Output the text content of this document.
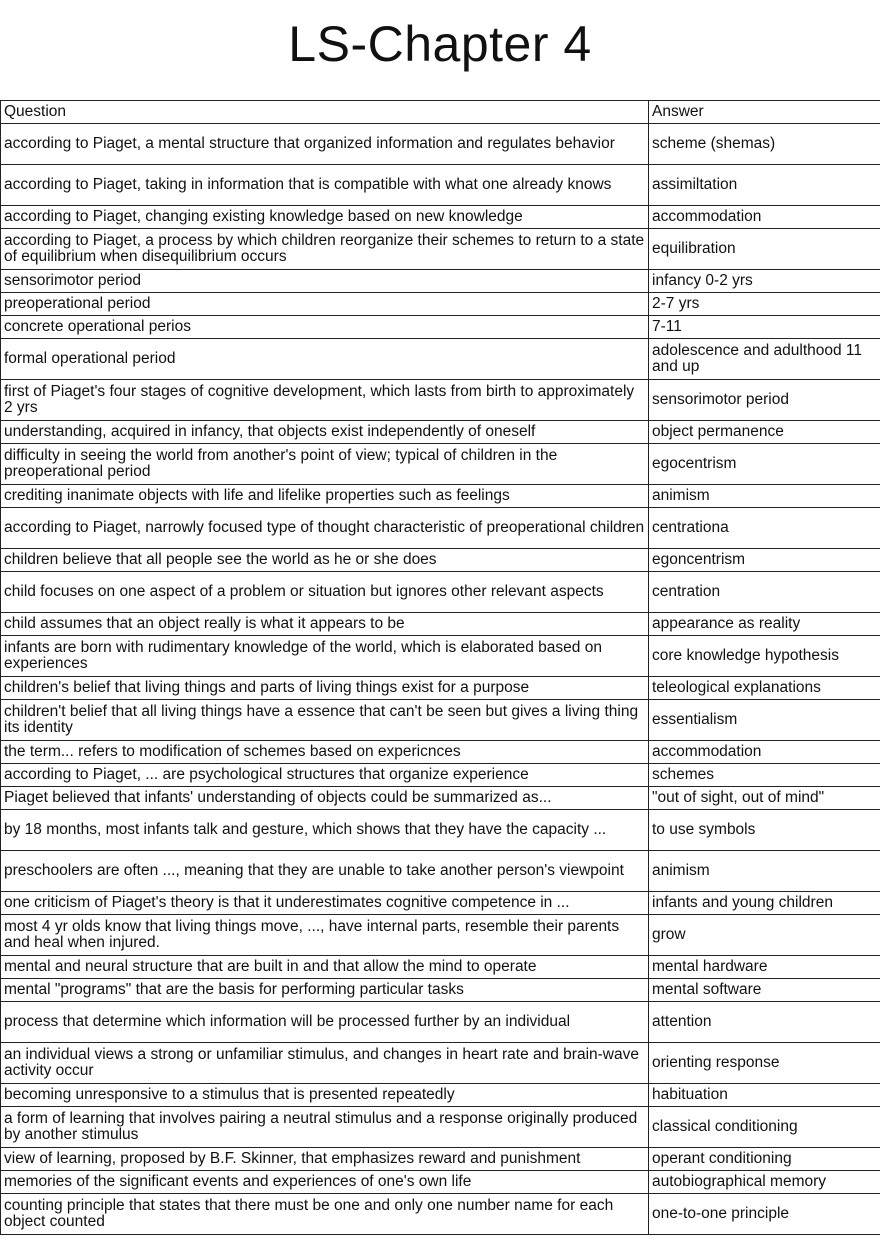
LS-Chapter 4
Question	Answer
according to Piaget, a mental structure that organized information and regulates behavior	scheme (shemas)
according to Piaget, taking in information that is compatible with what one already knows	assimiltation
according to Piaget, changing existing knowledge based on new knowledge	accommodation
according to Piaget, a process by which children reorganize their schemes to return to a state of equilibrium when disequilibrium occurs	equilibration
sensorimotor period	infancy 0-2 yrs
preoperational period	2-7 yrs
concrete operational perios	7-11
formal operational period	adolescence and adulthood 11 and up
first of Piaget's four stages of cognitive development, which lasts from birth to approximately 2 yrs	sensorimotor period
understanding, acquired in infancy, that objects exist independently of oneself	object permanence
difficulty in seeing the world from another's point of view; typical of children in the preoperational period	egocentrism
crediting inanimate objects with life and lifelike properties such as feelings	animism
according to Piaget, narrowly focused type of thought characteristic of preoperational children	centrationa
children believe that all people see the world as he or she does	egoncentrism
child focuses on one aspect of a problem or situation but ignores other relevant aspects	centration
child assumes that an object really is what it appears to be	appearance as reality
infants are born with rudimentary knowledge of the world, which is elaborated based on experiences	core knowledge hypothesis
children's belief that living things and parts of living things exist for a purpose	teleological explanations
children't belief that all living things have a essence that can't be seen but gives a living thing its identity	essentialism
the term... refers to modification of schemes based on expericnces	accommodation
according to Piaget, ... are psychological structures that organize experience	schemes
Piaget believed that infants' understanding of objects could be summarized as...	"out of sight, out of mind"
by 18 months, most infants talk and gesture, which shows that they have the capacity ...	to use symbols
preschoolers are often ..., meaning that they are unable to take another person's viewpoint	animism
one criticism of Piaget's theory is that it underestimates cognitive competence in ...	infants and young children
most 4 yr olds know that living things move, ..., have internal parts, resemble their parents and heal when injured.	grow
mental and neural structure that are built in and that allow the mind to operate	mental hardware
mental "programs" that are the basis for performing particular tasks	mental software
process that determine which information will be processed further by an individual	attention
an individual views a strong or unfamiliar stimulus, and changes in heart rate and brain-wave activity occur	orienting response
becoming unresponsive to a stimulus that is presented repeatedly	habituation
a form of learning that involves pairing a neutral stimulus and a response originally produced by another stimulus	classical conditioning
view of learning, proposed by B.F. Skinner, that emphasizes reward and punishment	operant conditioning
memories of the significant events and experiences of one's own life	autobiographical memory
counting principle that states that there must be one and only one number name for each object counted	one-to-one principle
